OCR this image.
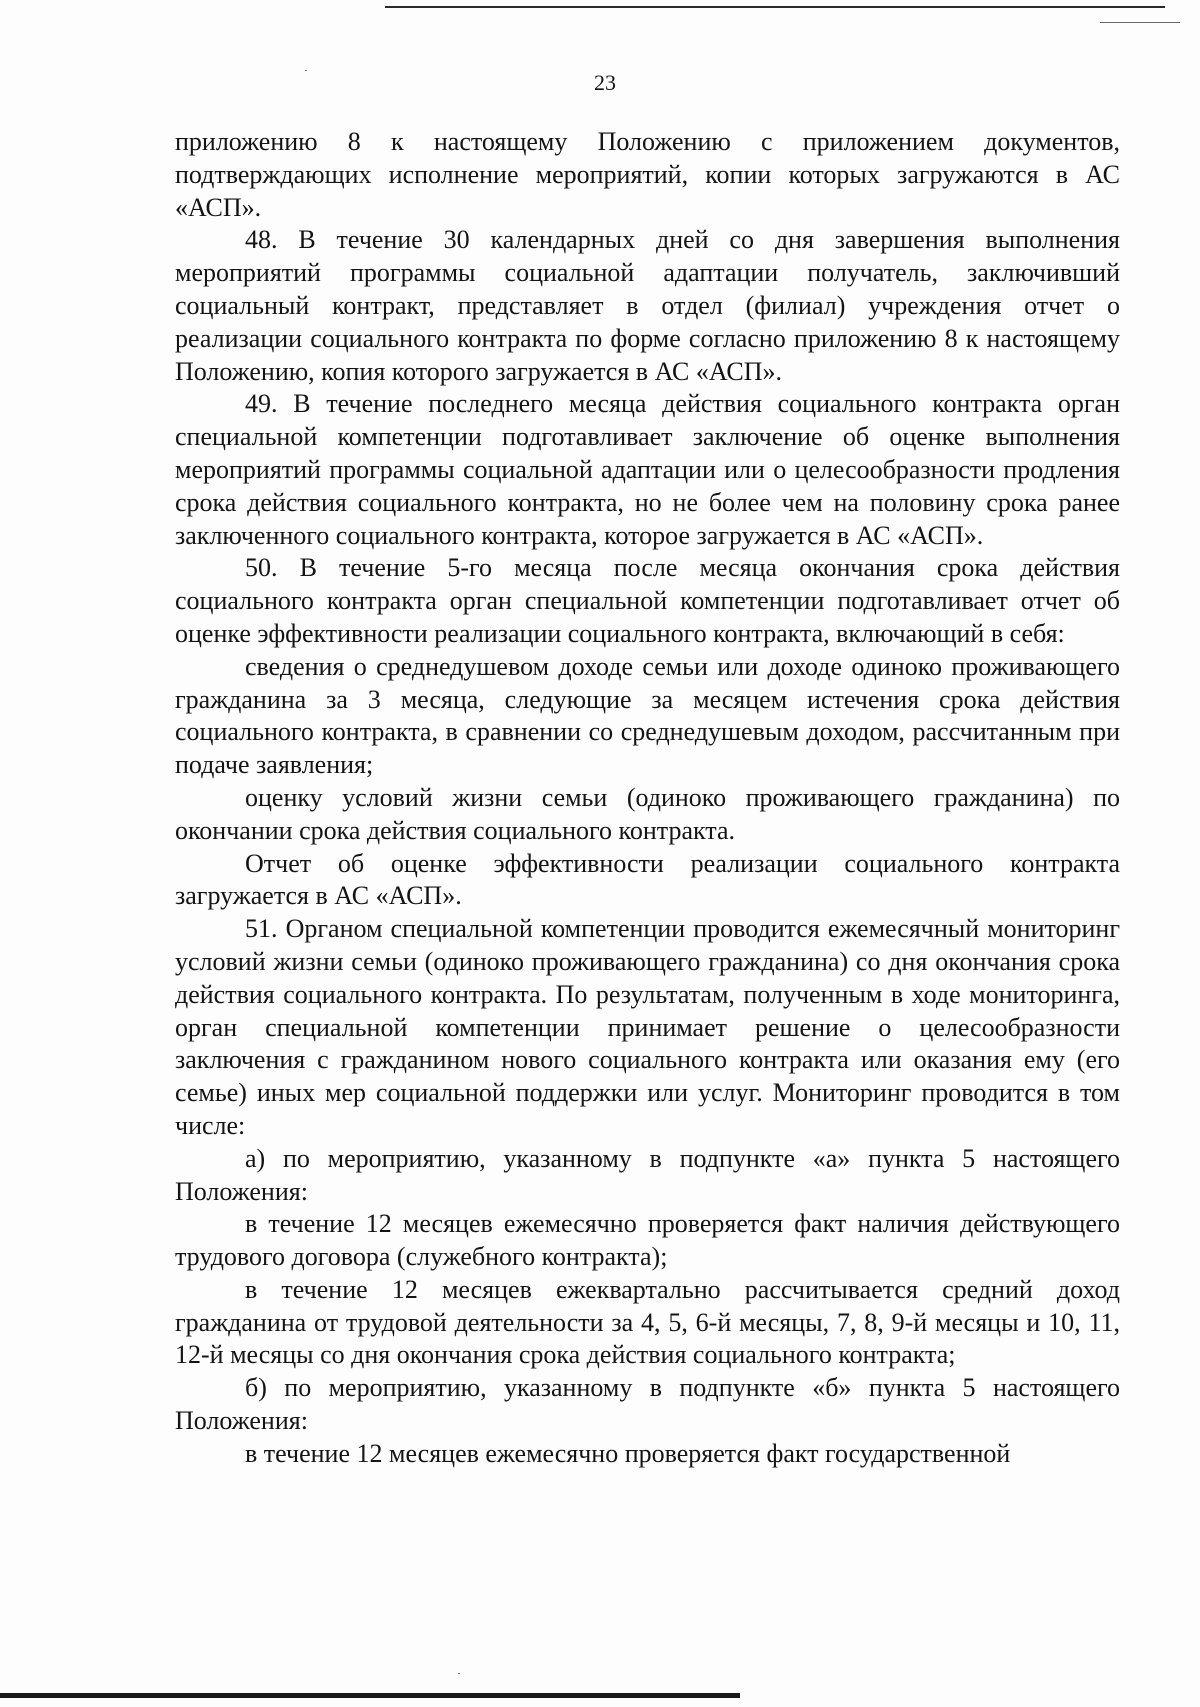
23

приложению 8 к настоящему Положению с приложением документов, подтверждающих исполнение мероприятий, копии которых загружаются в АС «АСП».

48. В течение 30 календарных дней со дня завершения выполнения мероприятий программы социальной адаптации получатель, заключивший социальный контракт, представляет в отдел (филиал) учреждения отчет о реализации социального контракта по форме согласно приложению 8 к настоящему Положению, копия которого загружается в АС «АСП».

49. В течение последнего месяца действия социального контракта орган специальной компетенции подготавливает заключение об оценке выполнения мероприятий программы социальной адаптации или о целесообразности продления срока действия социального контракта, но не более чем на половину срока ранее заключенного социального контракта, которое загружается в АС «АСП».

50. В течение 5-го месяца после месяца окончания срока действия социального контракта орган специальной компетенции подготавливает отчет об оценке эффективности реализации социального контракта, включающий в себя:

сведения о среднедушевом доходе семьи или доходе одиноко проживающего гражданина за 3 месяца, следующие за месяцем истечения срока действия социального контракта, в сравнении со среднедушевым доходом, рассчитанным при подаче заявления;

оценку условий жизни семьи (одиноко проживающего гражданина) по окончании срока действия социального контракта.

Отчет об оценке эффективности реализации социального контракта загружается в АС «АСП».

51. Органом специальной компетенции проводится ежемесячный мониторинг условий жизни семьи (одиноко проживающего гражданина) со дня окончания срока действия социального контракта. По результатам, полученным в ходе мониторинга, орган специальной компетенции принимает решение о целесообразности заключения с гражданином нового социального контракта или оказания ему (его семье) иных мер социальной поддержки или услуг. Мониторинг проводится в том числе:

а) по мероприятию, указанному в подпункте «а» пункта 5 настоящего Положения:

в течение 12 месяцев ежемесячно проверяется факт наличия действующего трудового договора (служебного контракта);

в течение 12 месяцев ежеквартально рассчитывается средний доход гражданина от трудовой деятельности за 4, 5, 6-й месяцы, 7, 8, 9-й месяцы и 10, 11, 12-й месяцы со дня окончания срока действия социального контракта;

б) по мероприятию, указанному в подпункте «б» пункта 5 настоящего Положения:

в течение 12 месяцев ежемесячно проверяется факт государственной
